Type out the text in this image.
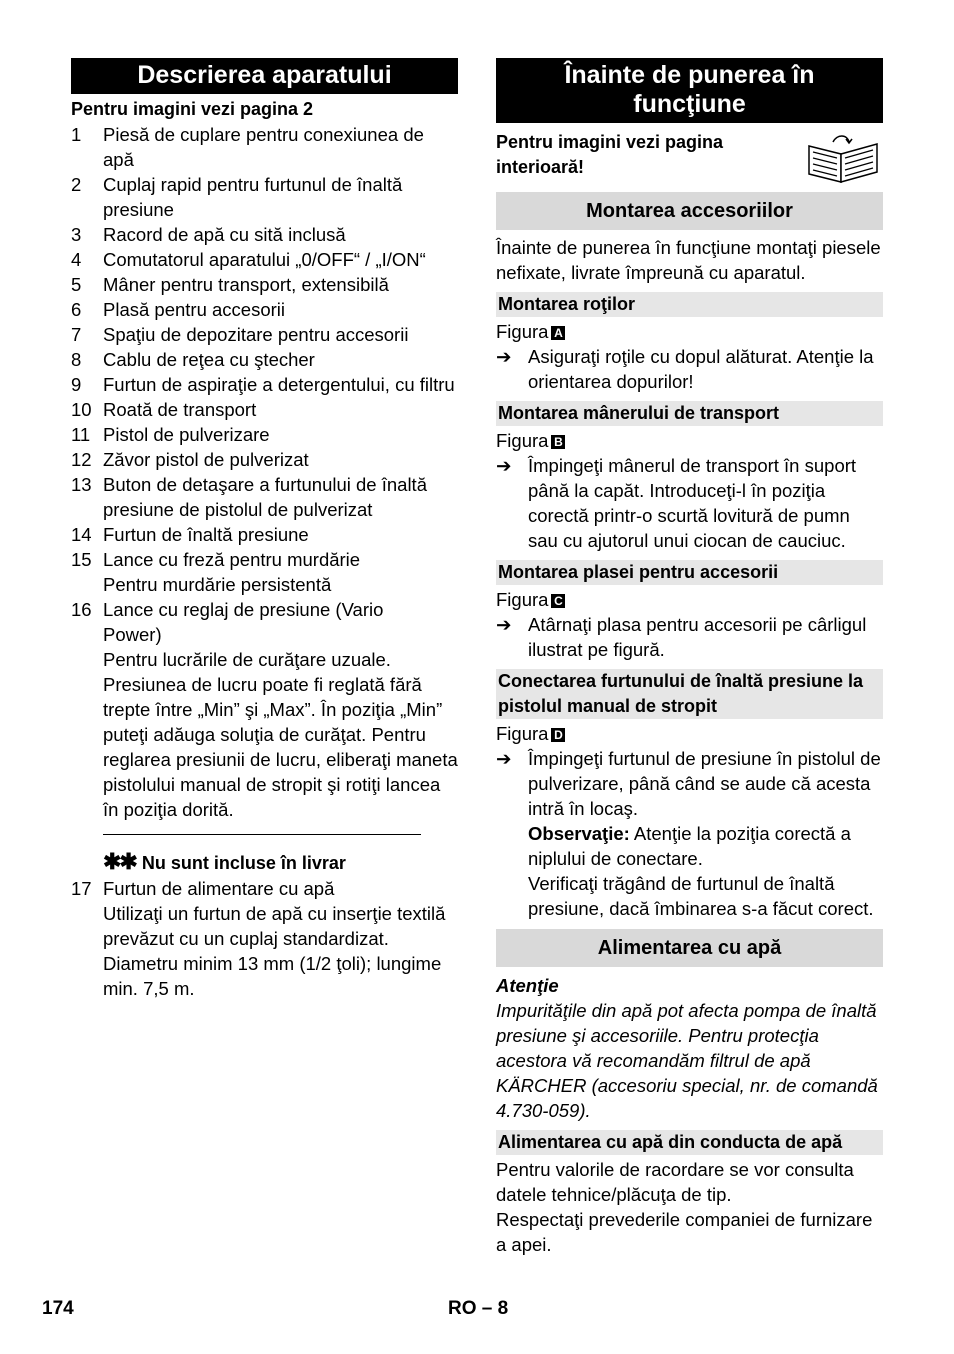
Descrierea aparatului
Pentru imagini vezi pagina 2
1	Piesă de cuplare pentru conexiunea de apă
2	Cuplaj rapid pentru furtunul de înaltă presiune
3	Racord de apă cu sită inclusă
4	Comutatorul aparatului „0/OFF“ / „I/ON“
5	Mâner pentru transport, extensibilă
6	Plasă pentru accesorii
7	Spaţiu de depozitare pentru accesorii
8	Cablu de reţea cu ştecher
9	Furtun de aspiraţie a detergentului, cu filtru
10 Roată de transport
11 Pistol de pulverizare
12 Zăvor pistol de pulverizat
13 Buton de detaşare a furtunului de înaltă presiune de pistolul de pulverizat
14 Furtun de înaltă presiune
15 Lance cu freză pentru murdărie Pentru murdărie persistentă
16 Lance cu reglaj de presiune (Vario Power)
Pentru lucrările de curăţare uzuale. Presiunea de lucru poate fi reglată fără trepte între „Min” şi „Max”. În poziţia „Min” puteţi adăuga soluţia de curăţat. Pentru reglarea presiunii de lucru, eliberaţi maneta pistolului manual de stropit şi rotiţi lancea în poziţia dorită.
✱✱ Nu sunt incluse în livrar
17 Furtun de alimentare cu apă
Utilizaţi un furtun de apă cu inserţie textilă prevăzut cu un cuplaj standardizat. Diametru minim 13 mm (1/2 ţoli); lungime min. 7,5 m.
Înainte de punerea în funcţiune
Pentru imagini vezi pagina interioară!
Montarea accesoriilor
Înainte de punerea în funcţiune montaţi piesele nefixate, livrate împreună cu aparatul.
Montarea roţilor
Figura A
➔ Asiguraţi roţile cu dopul alăturat. Atenţie la orientarea dopurilor!
Montarea mânerului de transport
Figura B
➔ Împingeţi mânerul de transport în suport până la capăt. Introduceţi-l în poziţia corectă printr-o scurtă lovitură de pumn sau cu ajutorul unui ciocan de cauciuc.
Montarea plasei pentru accesorii
Figura C
➔ Atârnaţi plasa pentru accesorii pe cârligul ilustrat pe figură.
Conectarea furtunului de înaltă presiune la pistolul manual de stropit
Figura D
➔ Împingeţi furtunul de presiune în pistolul de pulverizare, până când se aude că acesta intră în locaş.
Observaţie: Atenţie la poziţia corectă a niplului de conectare.
Verificaţi trăgând de furtunul de înaltă presiune, dacă îmbinarea s-a făcut corect.
Alimentarea cu apă
Atenţie
Impurităţile din apă pot afecta pompa de înaltă presiune şi accesoriile. Pentru protecţia acestora vă recomandăm filtrul de apă KÄRCHER (accesoriu special, nr. de comandă 4.730-059).
Alimentarea cu apă din conducta de apă
Pentru valorile de racordare se vor consulta datele tehnice/plăcuţa de tip.
Respectaţi prevederile companiei de furnizare a apei.
174	RO – 8
